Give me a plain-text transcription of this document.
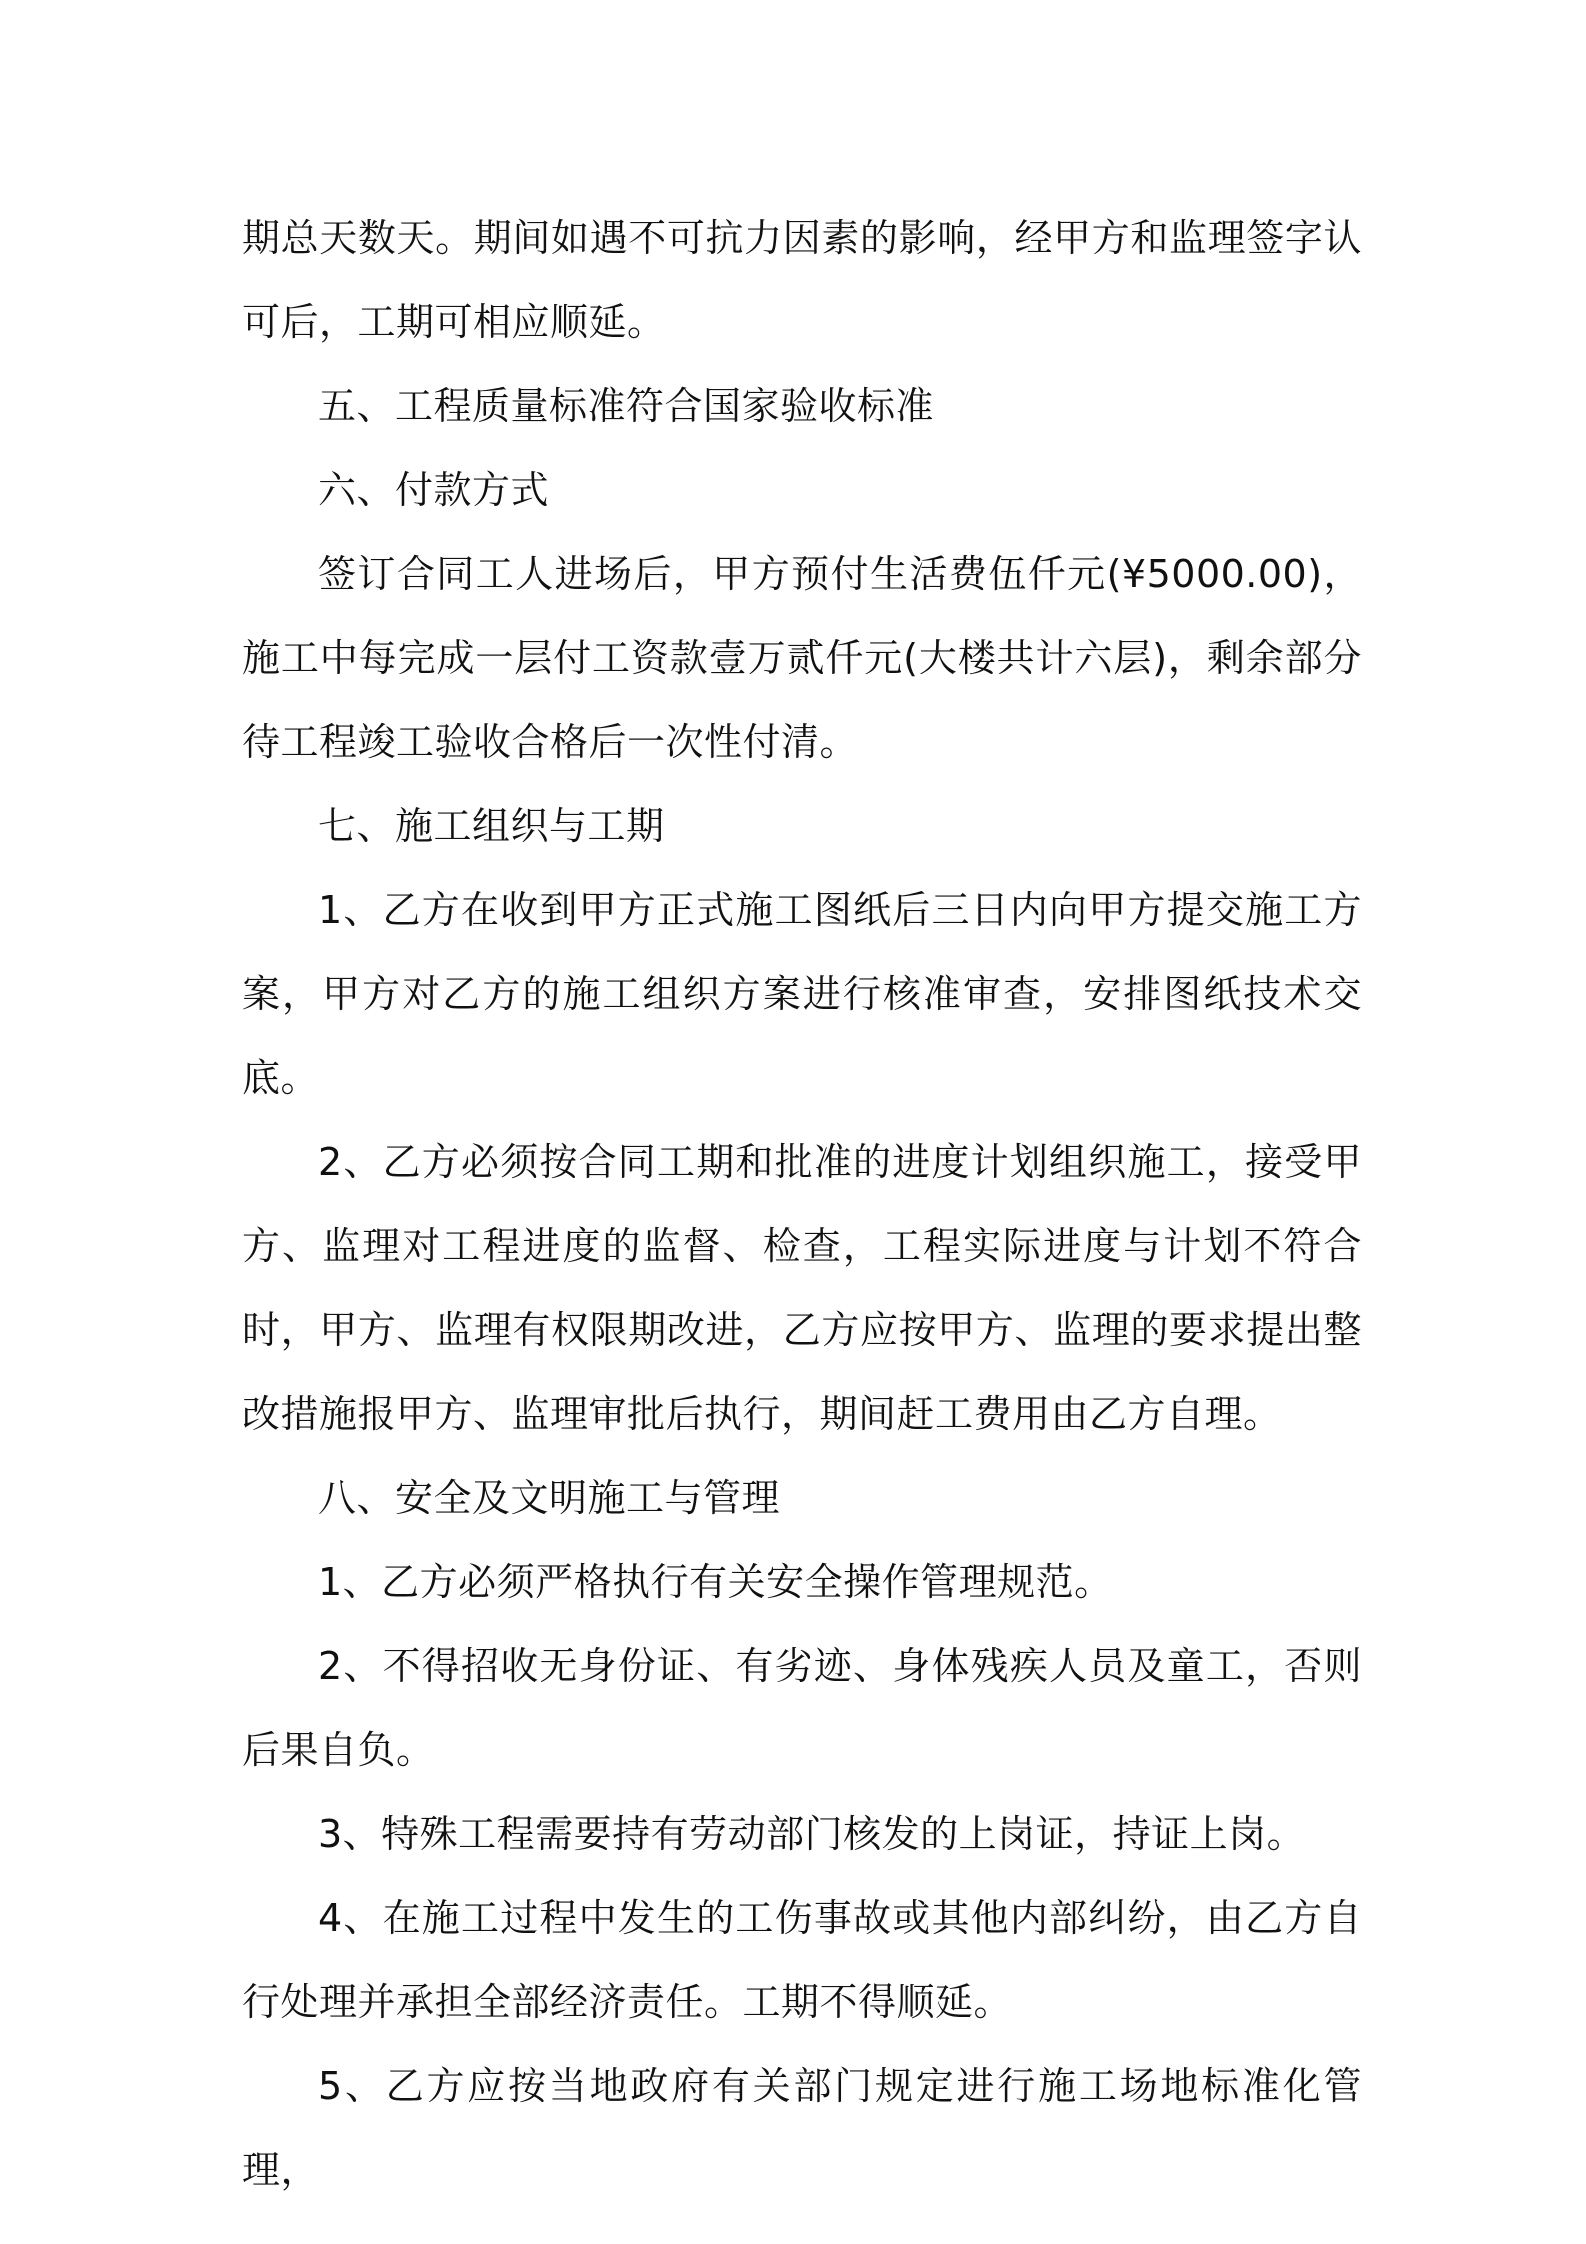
期总天数天。期间如遇不可抗力因素的影响，经甲方和监理签字认可后，工期可相应顺延。

五、工程质量标准符合国家验收标准

六、付款方式

签订合同工人进场后，甲方预付生活费伍仟元(¥5000.00)，施工中每完成一层付工资款壹万贰仟元(大楼共计六层)，剩余部分待工程竣工验收合格后一次性付清。

七、施工组织与工期

1、乙方在收到甲方正式施工图纸后三日内向甲方提交施工方案，甲方对乙方的施工组织方案进行核准审查，安排图纸技术交底。

2、乙方必须按合同工期和批准的进度计划组织施工，接受甲方、监理对工程进度的监督、检查，工程实际进度与计划不符合时，甲方、监理有权限期改进，乙方应按甲方、监理的要求提出整改措施报甲方、监理审批后执行，期间赶工费用由乙方自理。

八、安全及文明施工与管理

1、乙方必须严格执行有关安全操作管理规范。

2、不得招收无身份证、有劣迹、身体残疾人员及童工，否则后果自负。

3、特殊工程需要持有劳动部门核发的上岗证，持证上岗。

4、在施工过程中发生的工伤事故或其他内部纠纷，由乙方自行处理并承担全部经济责任。工期不得顺延。

5、乙方应按当地政府有关部门规定进行施工场地标准化管理，
